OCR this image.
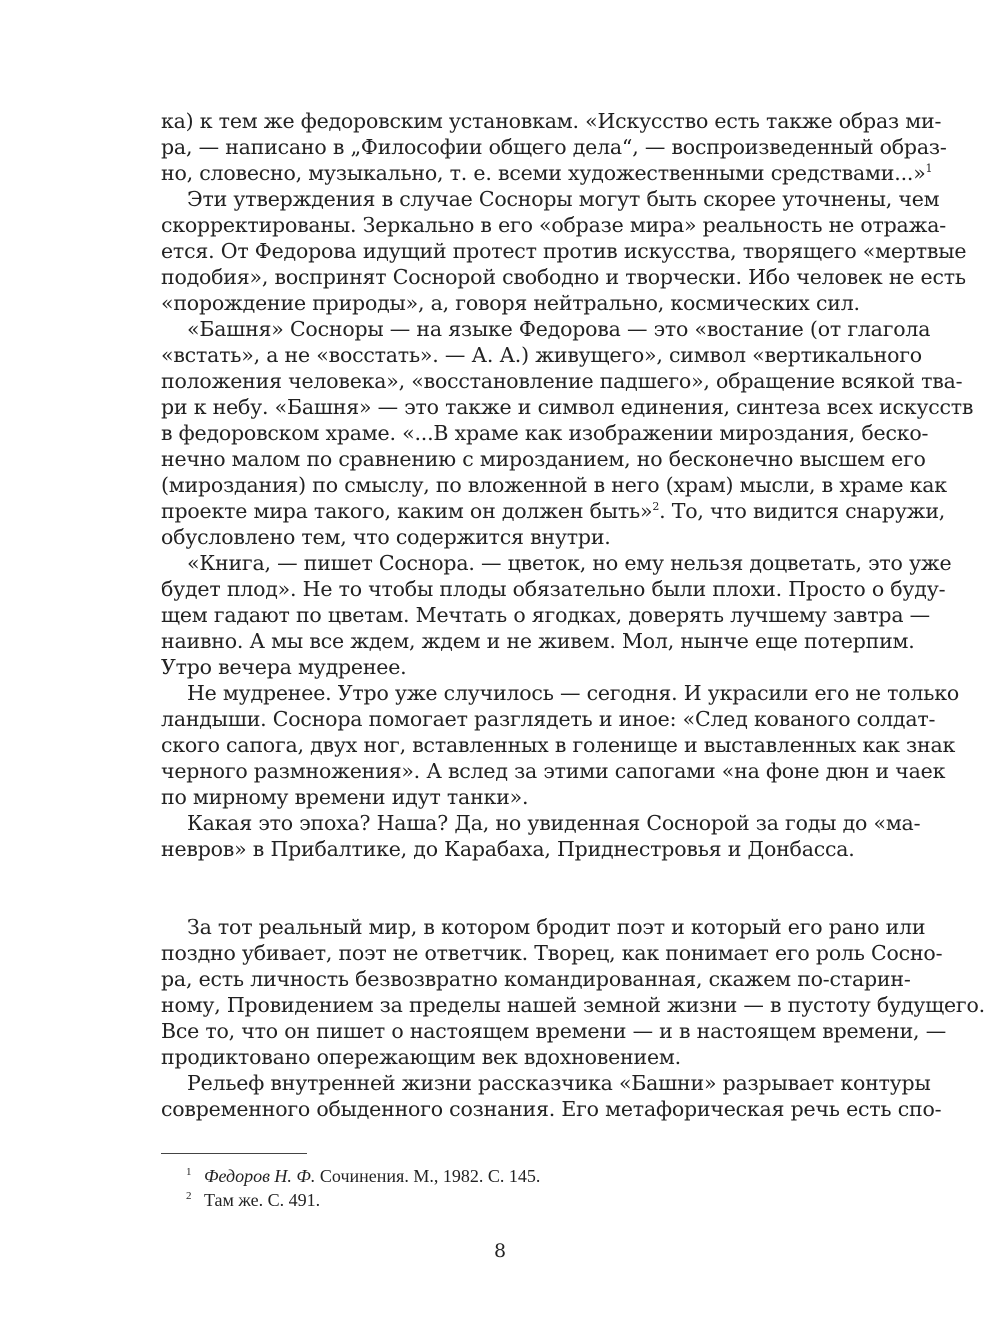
ка) к тем же федоровским установкам. «Искусство есть также образ ми-
ра, — написано в „Философии общего дела“, — воспроизведенный образ-
но, словесно, музыкально, т. е. всеми художественными средствами...»$^1$
Эти утверждения в случае Сосноры могут быть скорее уточнены, чем
скорректированы. Зеркально в его «образе мира» реальность не отража-
ется. От Федорова идущий протест против искусства, творящего «мертвые
подобия», воспринят Соснорой свободно и творчески. Ибо человек не есть
«порождение природы», а, говоря нейтрально, космических сил.
«Башня» Сосноры — на языке Федорова — это «востание (от глагола
«встать», а не «восстать». — А. А.) живущего», символ «вертикального
положения человека», «восстановление падшего», обращение всякой тва-
ри к небу. «Башня» — это также и символ единения, синтеза всех искусств
в федоровском храме. «...В храме как изображении мироздания, беско-
нечно малом по сравнению с мирозданием, но бесконечно высшем его
(мироздания) по смыслу, по вложенной в него (храм) мысли, в храме как
проекте мира такого, каким он должен быть»$^2$. То, что видится снаружи,
обусловлено тем, что содержится внутри.
«Книга, — пишет Соснора. — цветок, но ему нельзя доцветать, это уже
будет плод». Не то чтобы плоды обязательно были плохи. Просто о буду-
щем гадают по цветам. Мечтать о ягодках, доверять лучшему завтра —
наивно. А мы все ждем, ждем и не живем. Мол, нынче еще потерпим.
Утро вечера мудренее.
Не мудренее. Утро уже случилось — сегодня. И украсили его не только
ландыши. Соснора помогает разглядеть и иное: «След кованого солдат-
ского сапога, двух ног, вставленных в голенище и выставленных как знак
черного размножения». А вслед за этими сапогами «на фоне дюн и чаек
по мирному времени идут танки».
Какая это эпоха? Наша? Да, но увиденная Соснорой за годы до «ма-
невров» в Прибалтике, до Карабаха, Приднестровья и Донбасса.
За тот реальный мир, в котором бродит поэт и который его рано или
поздно убивает, поэт не ответчик. Творец, как понимает его роль Сосно-
ра, есть личность безвозвратно командированная, скажем по-старин-
ному, Провидением за пределы нашей земной жизни — в пустоту будущего.
Все то, что он пишет о настоящем времени — и в настоящем времени, —
продиктовано опережающим век вдохновением.
Рельеф внутренней жизни рассказчика «Башни» разрывает контуры
современного обыденного сознания. Его метафорическая речь есть спо-
$^1$ Федоров Н. Ф. Сочинения. М., 1982. С. 145.
$^2$ Там же. С. 491.
8
